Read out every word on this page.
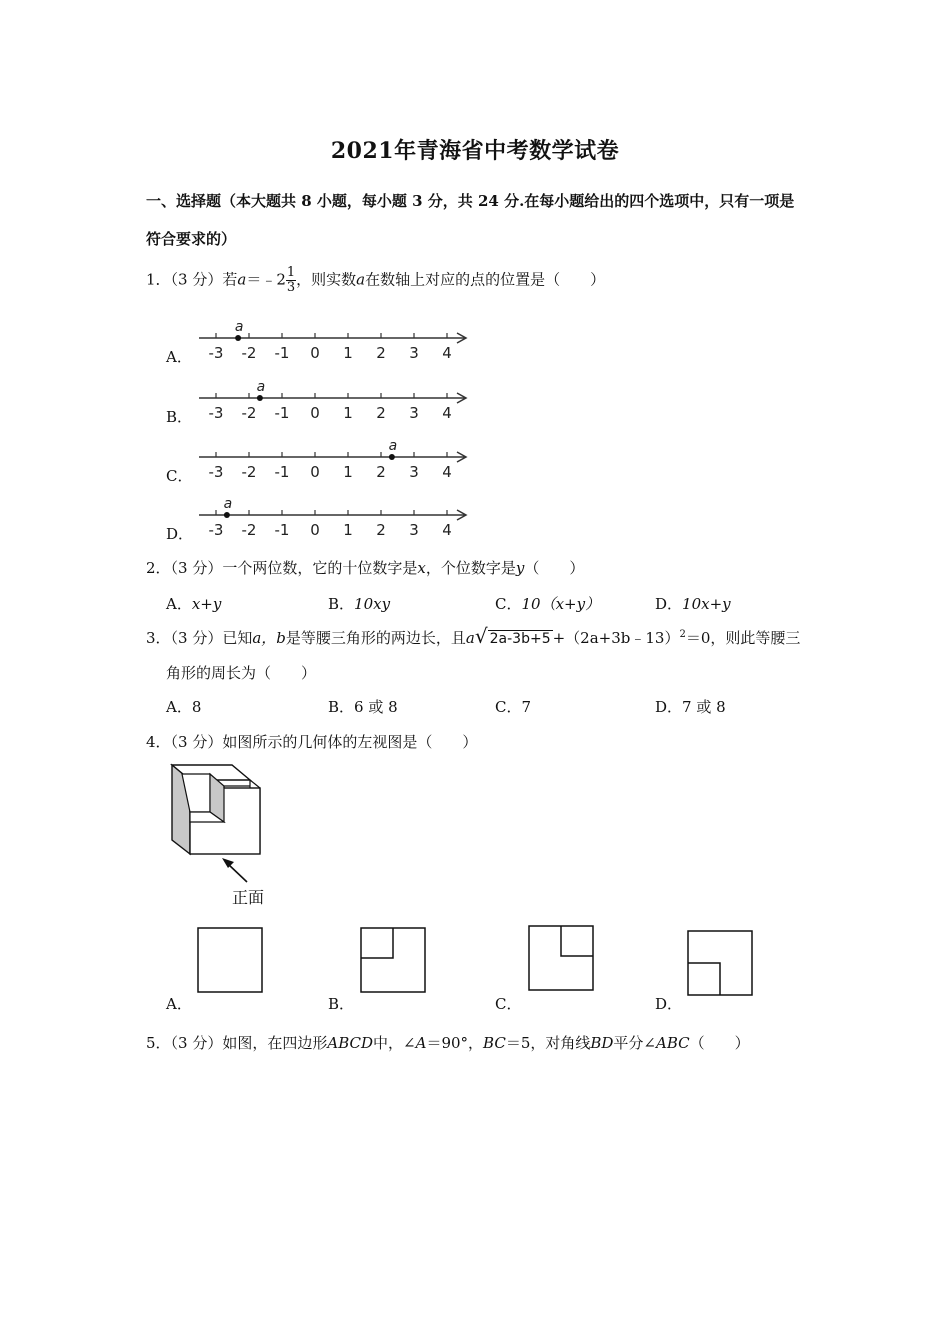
2021年青海省中考数学试卷
一、选择题（本大题共 8 小题，每小题 3 分，共 24 分.在每小题给出的四个选项中，只有一项是
符合要求的）
1．（3 分）若a＝﹣2 $\frac{1}{3}$ ，则实数a在数轴上对应的点的位置是（　　）
A．
B．
C．
D．
-3 -2 -1 0 1 2 3 4
a
-3 -2 -1 0 1 2 3 4
a
-3 -2 -1 0 1 2 3 4
a
-3 -2 -1 0 1 2 3 4
a
2．（3 分）一个两位数，它的十位数字是x，个位数字是y（　　）
A．x+y	B．10xy	C．10（x+y）	D．10x+y
3．（3 分）已知a，b是等腰三角形的两边长，且a√ 2a-3b+5 +（2a+3b﹣13）$^2$＝0，则此等腰三
角形的周长为（　　）
A．8	B．6 或 8	C．7	D．7 或 8
4．（3 分）如图所示的几何体的左视图是（　　）
正面
A．	B．	C．	D．
5．（3 分）如图，在四边形ABCD中，∠A＝90°，BC＝5，对角线BD平分∠ABC（　　）
